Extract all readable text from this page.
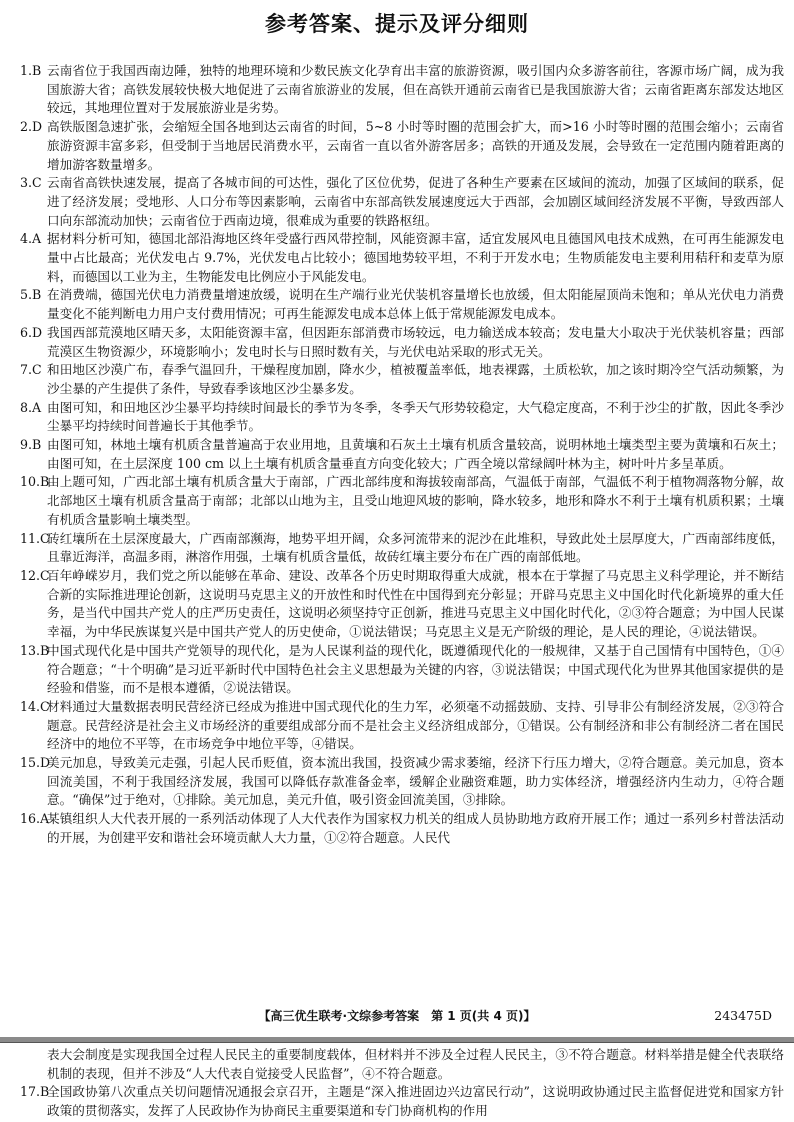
参考答案、提示及评分细则
1.B 云南省位于我国西南边陲，独特的地理环境和少数民族文化孕育出丰富的旅游资源，吸引国内众多游客前往，客源市场广阔，成为我国旅游大省；高铁发展较快极大地促进了云南省旅游业的发展，但在高铁开通前云南省已是我国旅游大省；云南省距离东部发达地区较远，其地理位置对于发展旅游业是劣势。
2.D 高铁版图急速扩张，会缩短全国各地到达云南省的时间，5~8 小时等时圈的范围会扩大，而>16 小时等时圈的范围会缩小；云南省旅游资源丰富多彩，但受制于当地居民消费水平，云南省一直以省外游客居多；高铁的开通及发展，会导致在一定范围内随着距离的增加游客数量增多。
3.C 云南省高铁快速发展，提高了各城市间的可达性，强化了区位优势，促进了各种生产要素在区域间的流动，加强了区域间的联系，促进了经济发展；受地形、人口分布等因素影响，云南省中东部高铁发展速度远大于西部，会加剧区域间经济发展不平衡，导致西部人口向东部流动加快；云南省位于西南边境，很难成为重要的铁路枢纽。
4.A 据材料分析可知，德国北部沿海地区终年受盛行西风带控制，风能资源丰富，适宜发展风电且德国风电技术成熟，在可再生能源发电量中占比最高；光伏发电占 9.7%，光伏发电占比较小；德国地势较平坦，不利于开发水电；生物质能发电主要利用秸秆和麦草为原料，而德国以工业为主，生物能发电比例应小于风能发电。
5.B 在消费端，德国光伏电力消费量增速放缓，说明在生产端行业光伏装机容量增长也放缓，但太阳能屋顶尚未饱和；单从光伏电力消费量变化不能判断电力用户支付费用情况；可再生能源发电成本总体上低于常规能源发电成本。
6.D 我国西部荒漠地区晴天多，太阳能资源丰富，但因距东部消费市场较远，电力输送成本较高；发电量大小取决于光伏装机容量；西部荒漠区生物资源少，环境影响小；发电时长与日照时数有关，与光伏电站采取的形式无关。
7.C 和田地区沙漠广布，春季气温回升，干燥程度加剧，降水少，植被覆盖率低，地表裸露，土质松软，加之该时期冷空气活动频繁，为沙尘暴的产生提供了条件，导致春季该地区沙尘暴多发。
8.A 由图可知，和田地区沙尘暴平均持续时间最长的季节为冬季，冬季天气形势较稳定，大气稳定度高，不利于沙尘的扩散，因此冬季沙尘暴平均持续时间普遍长于其他季节。
9.B 由图可知，林地土壤有机质含量普遍高于农业用地，且黄壤和石灰土土壤有机质含量较高，说明林地土壤类型主要为黄壤和石灰土；由图可知，在土层深度 100 cm 以上土壤有机质含量垂直方向变化较大；广西全境以常绿阔叶林为主，树叶叶片多呈革质。
10.B
由上题可知，广西北部土壤有机质含量大于南部，广西北部纬度和海拔较南部高，气温低于南部，气温低不利于植物凋落物分解，故北部地区土壤有机质含量高于南部；北部以山地为主，且受山地迎风坡的影响，降水较多，地形和降水不利于土壤有机质积累；土壤有机质含量影响土壤类型。
11.C
砖红壤所在土层深度最大，广西南部濒海，地势平坦开阔，众多河流带来的泥沙在此堆积，导致此处土层厚度大，广西南部纬度低，且靠近海洋，高温多雨，淋溶作用强，土壤有机质含量低，故砖红壤主要分布在广西的南部低地。
12.C
百年峥嵘岁月，我们党之所以能够在革命、建设、改革各个历史时期取得重大成就，根本在于掌握了马克思主义科学理论，并不断结合新的实际推进理论创新，这说明马克思主义的开放性和时代性在中国得到充分彰显；开辟马克思主义中国化时代化新境界的重大任务，是当代中国共产党人的庄严历史责任，这说明必须坚持守正创新，推进马克思主义中国化时代化，②③符合题意；为中国人民谋幸福，为中华民族谋复兴是中国共产党人的历史使命，①说法错误；马克思主义是无产阶级的理论，是人民的理论，④说法错误。
13.B
中国式现代化是中国共产党领导的现代化，是为人民谋利益的现代化，既遵循现代化的一般规律，又基于自己国情有中国特色，①④符合题意；“十个明确”是习近平新时代中国特色社会主义思想最为关键的内容，③说法错误；中国式现代化为世界其他国家提供的是经验和借鉴，而不是根本遵循，②说法错误。
14.C
材料通过大量数据表明民营经济已经成为推进中国式现代化的生力军，必须毫不动摇鼓励、支持、引导非公有制经济发展，②③符合题意。民营经济是社会主义市场经济的重要组成部分而不是社会主义经济组成部分，①错误。公有制经济和非公有制经济二者在国民经济中的地位不平等，在市场竞争中地位平等，④错误。
15.D
美元加息，导致美元走强，引起人民币贬值，资本流出我国，投资减少需求萎缩，经济下行压力增大，②符合题意。美元加息，资本回流美国，不利于我国经济发展，我国可以降低存款准备金率，缓解企业融资难题，助力实体经济，增强经济内生动力，④符合题意。“确保”过于绝对，①排除。美元加息，美元升值，吸引资金回流美国，③排除。
16.A
某镇组织人大代表开展的一系列活动体现了人大代表作为国家权力机关的组成人员协助地方政府开展工作；通过一系列乡村普法活动的开展，为创建平安和谐社会环境贡献人大力量，①②符合题意。人民代
【高三优生联考·文综参考答案　第 1 页(共 4 页)】	243475D
表大会制度是实现我国全过程人民民主的重要制度载体，但材料并不涉及全过程人民民主，③不符合题意。材料举措是健全代表联络机制的表现，但并不涉及“人大代表自觉接受人民监督”，④不符合题意。
17.B
全国政协第八次重点关切问题情况通报会京召开，主题是“深入推进固边兴边富民行动”，这说明政协通过民主监督促进党和国家方针政策的贯彻落实，发挥了人民政协作为协商民主重要渠道和专门协商机构的作用
